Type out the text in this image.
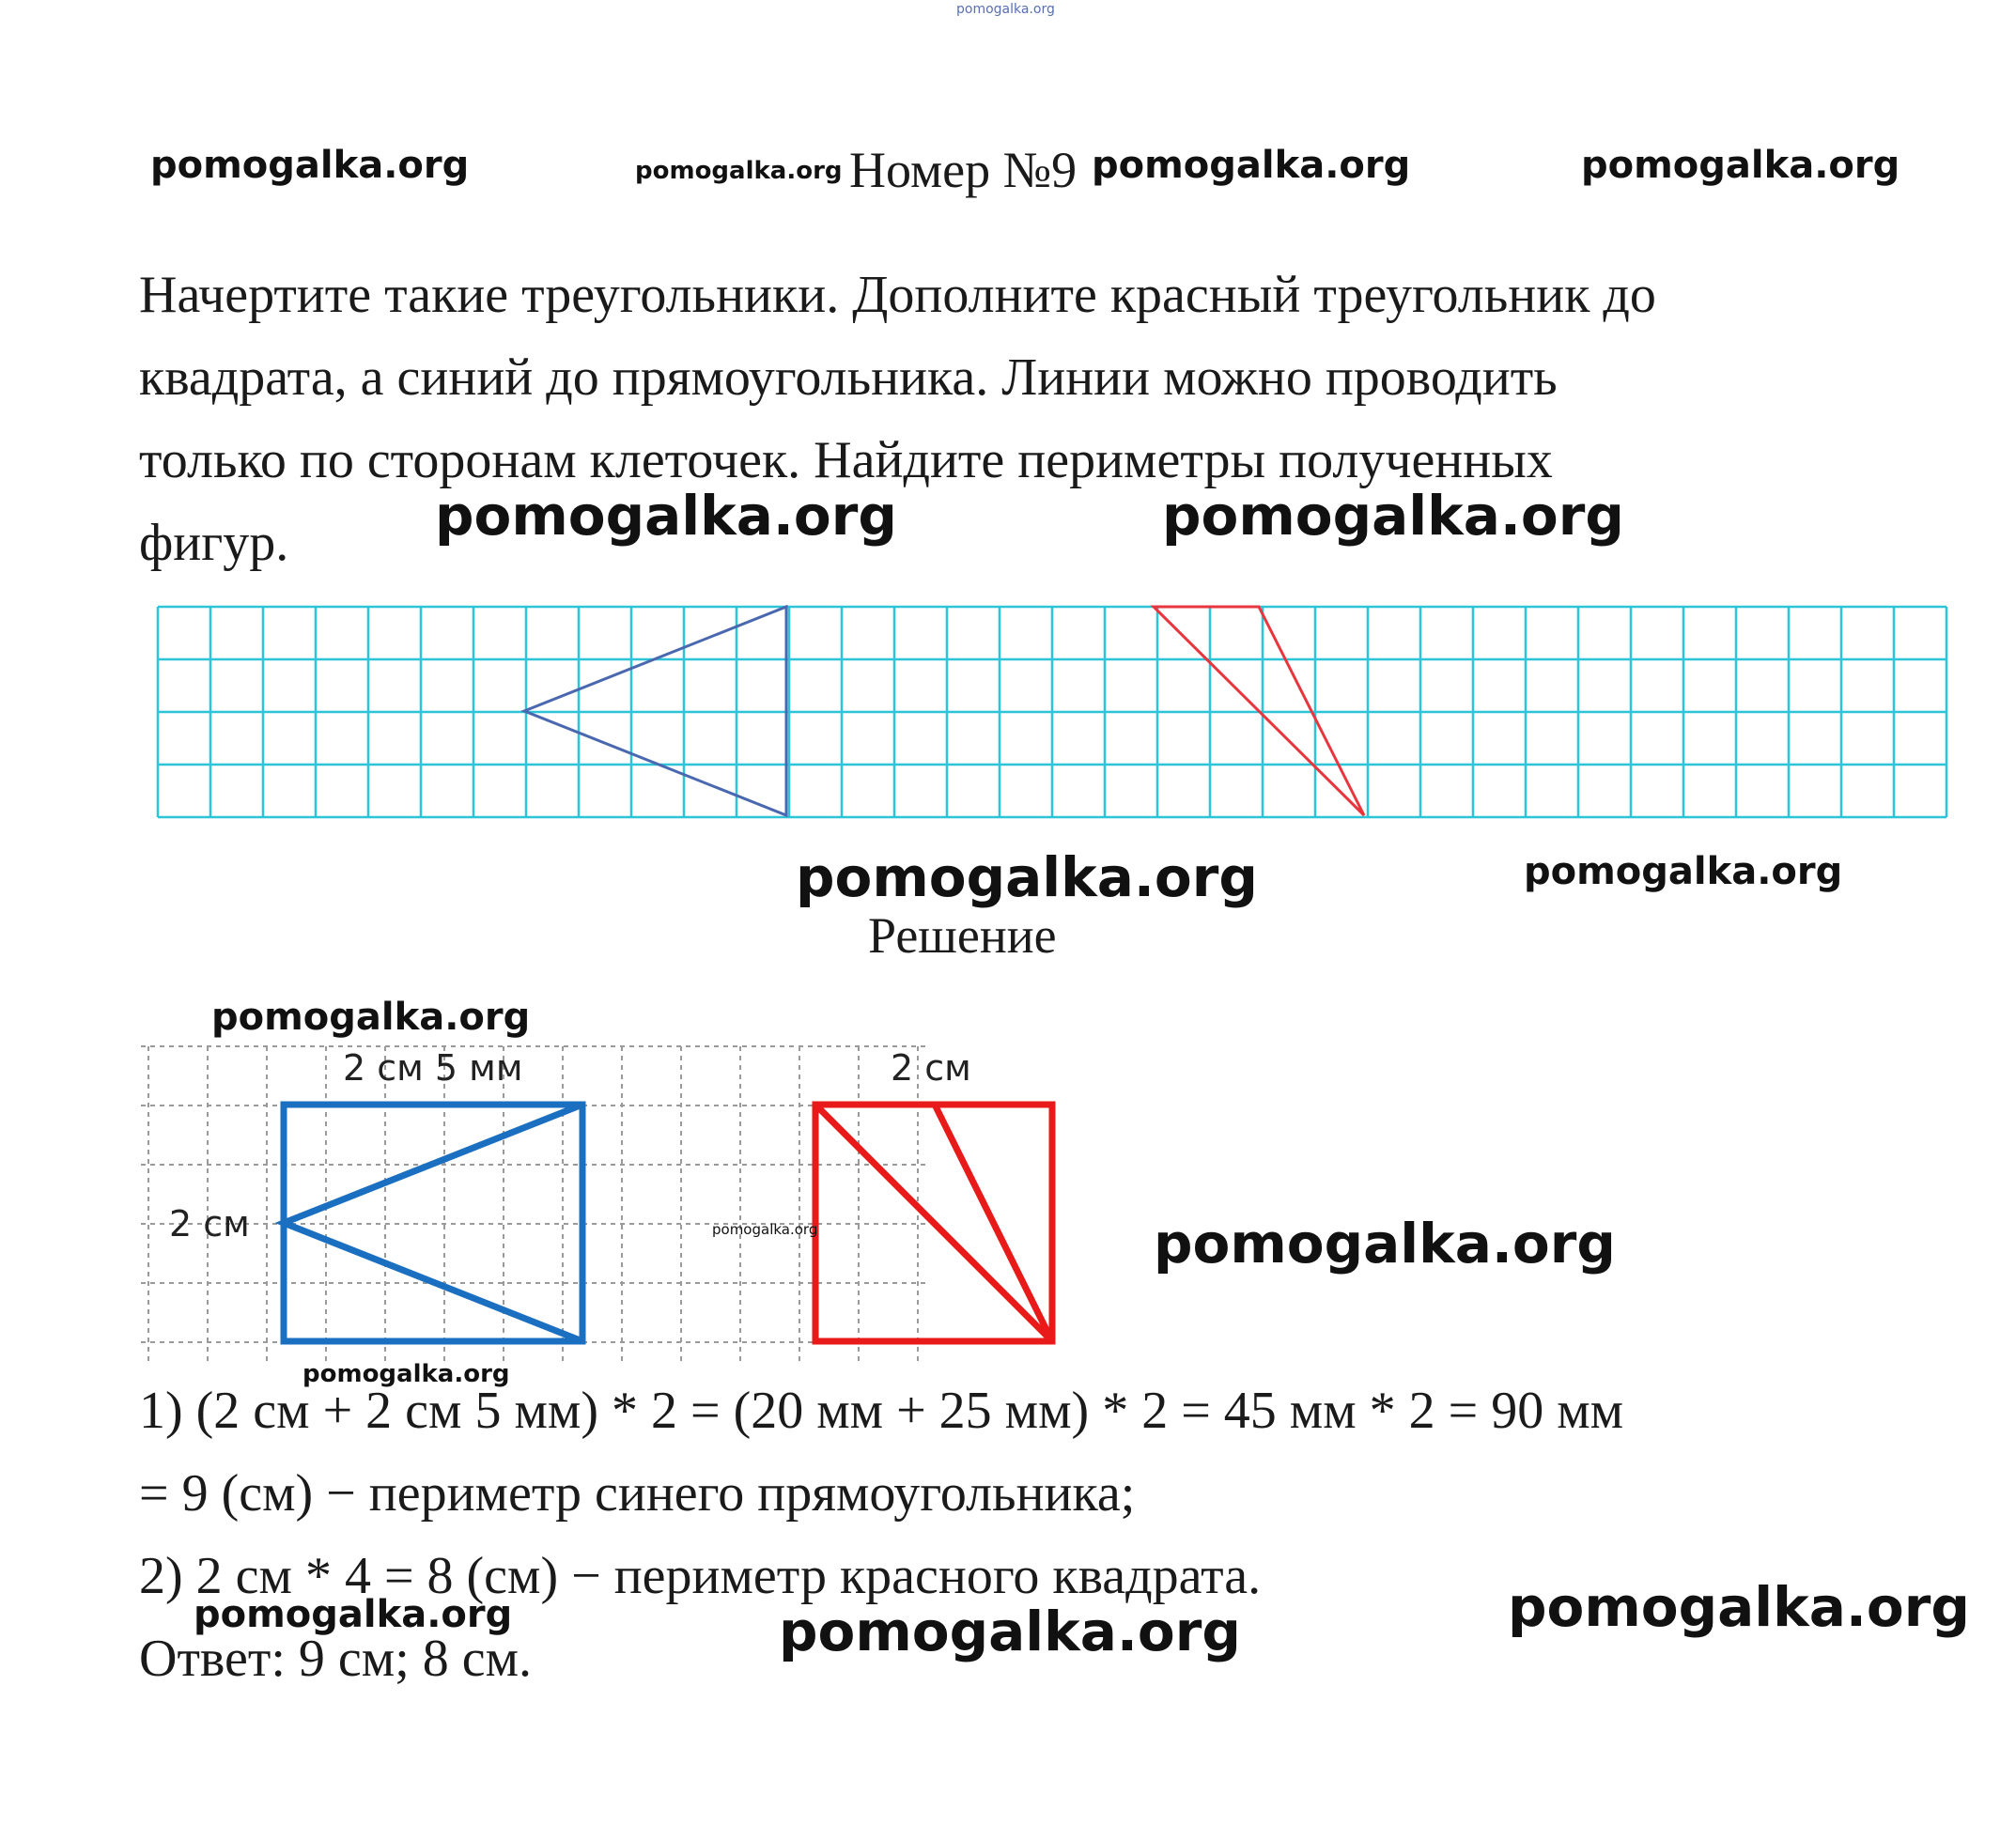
pomogalka.org
pomogalka.org	pomogalka.org Номер №9 pomogalka.org	pomogalka.org
Начертите такие треугольники. Дополните красный треугольник до
квадрата, а синий до прямоугольника. Линии можно проводить
только по сторонам клеточек. Найдите периметры полученных
фигур.	pomogalka.org	pomogalka.org
pomogalka.org	pomogalka.org
Решение
pomogalka.org
2 см 5 мм
2 см
2 см
pomogalka.org	pomogalka.org
pomogalka.org
1) (2 см + 2 см 5 мм) * 2 = (20 мм + 25 мм) * 2 = 45 мм * 2 = 90 мм
= 9 (см) − периметр синего прямоугольника;
2) 2 см * 4 = 8 (см) − периметр красного квадрата.
Ответ: 9 см; 8 см.
pomogalka.org	pomogalka.org	pomogalka.org
